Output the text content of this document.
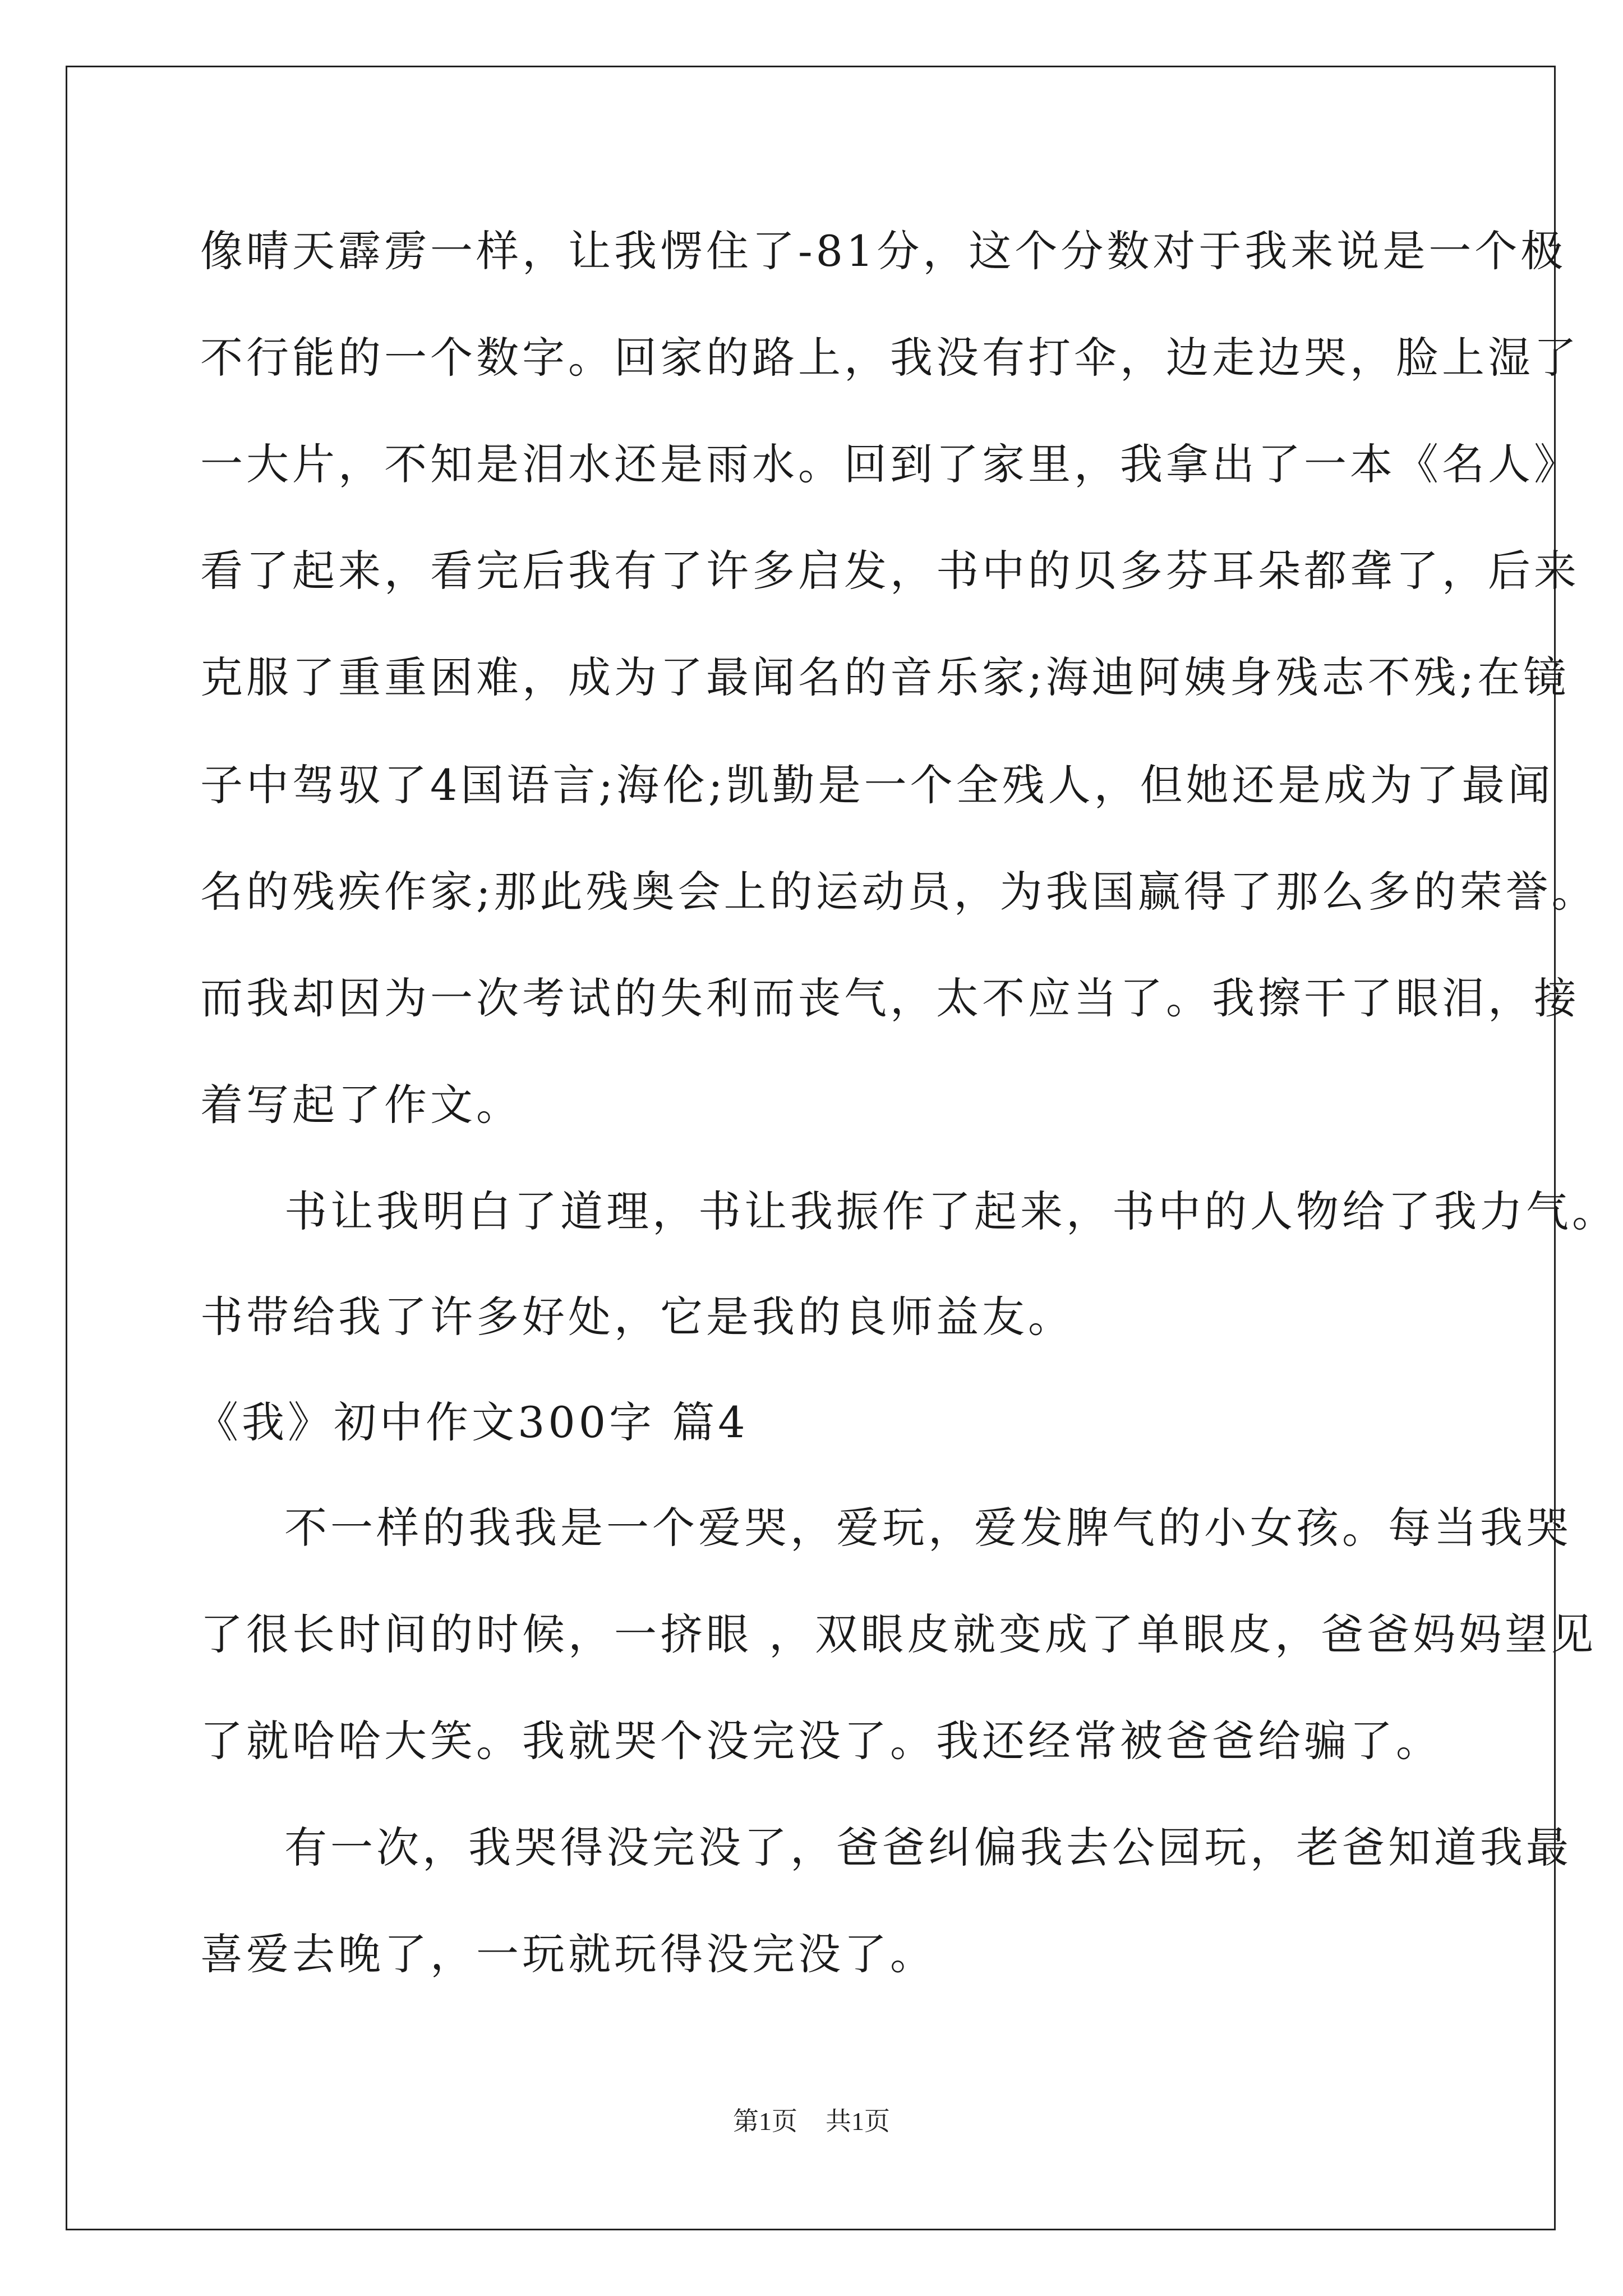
像晴天霹雳一样，让我愣住了-81分，这个分数对于我来说是一个极
不行能的一个数字。回家的路上，我没有打伞，边走边哭，脸上湿了
一大片，不知是泪水还是雨水。回到了家里，我拿出了一本《名人》
看了起来，看完后我有了许多启发，书中的贝多芬耳朵都聋了，后来
克服了重重困难，成为了最闻名的音乐家;海迪阿姨身残志不残;在镜
子中驾驭了4国语言;海伦;凯勤是一个全残人，但她还是成为了最闻
名的残疾作家;那此残奥会上的运动员，为我国赢得了那么多的荣誉。
而我却因为一次考试的失利而丧气，太不应当了。我擦干了眼泪，接
着写起了作文。
书让我明白了道理，书让我振作了起来，书中的人物给了我力气。
书带给我了许多好处，它是我的良师益友。
《我》初中作文300字 篇4
不一样的我我是一个爱哭，爱玩，爱发脾气的小女孩。每当我哭
了很长时间的时候，一挤眼 ，双眼皮就变成了单眼皮，爸爸妈妈望见
了就哈哈大笑。我就哭个没完没了。我还经常被爸爸给骗了。
有一次，我哭得没完没了，爸爸纠偏我去公园玩，老爸知道我最
喜爱去晚了，一玩就玩得没完没了。
第1页 共1页
